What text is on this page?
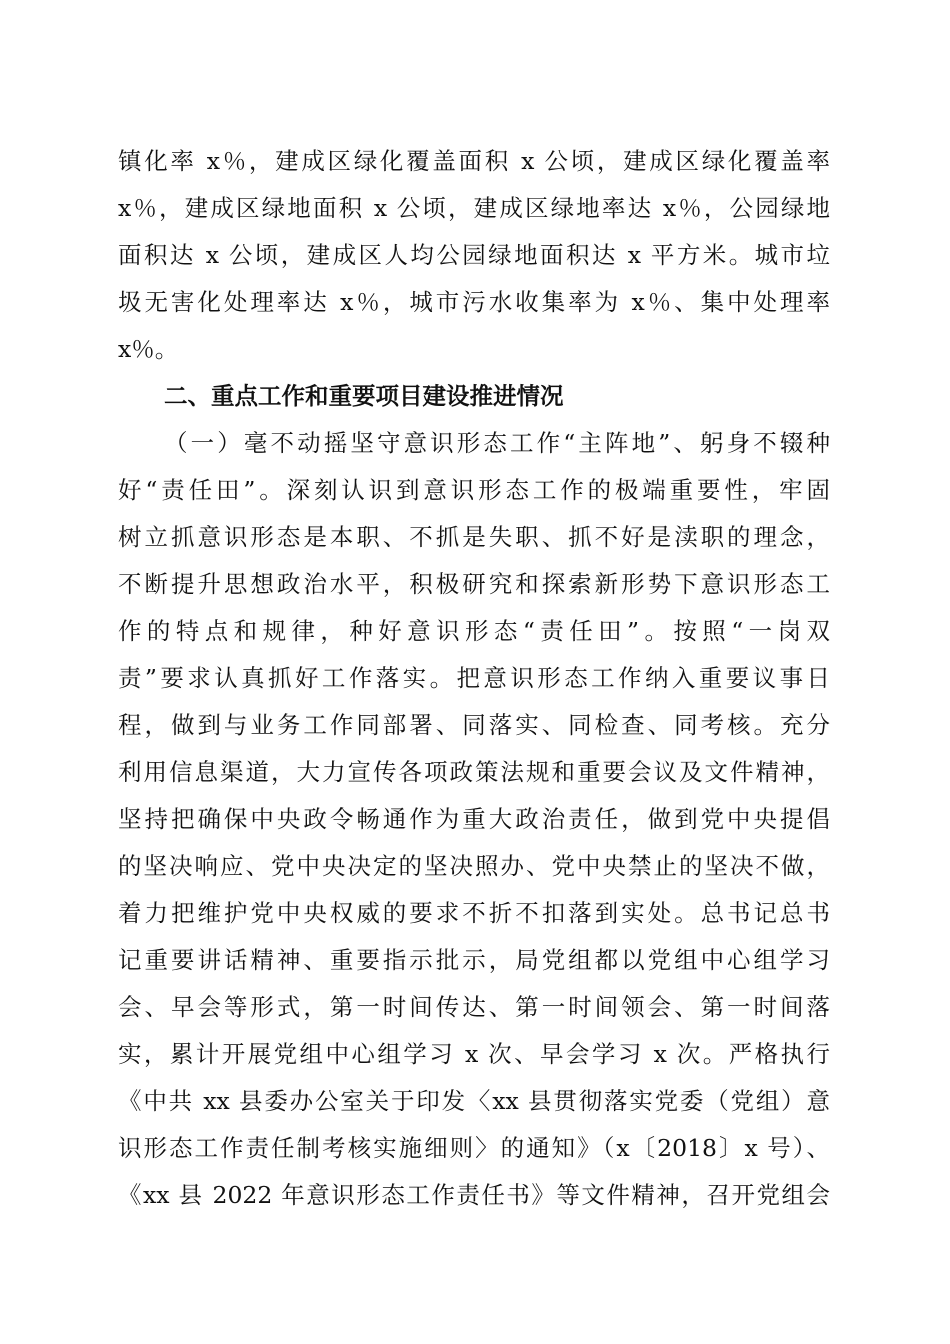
镇化率 x％，建成区绿化覆盖面积 x 公顷，建成区绿化覆盖率
x％，建成区绿地面积 x 公顷，建成区绿地率达 x％，公园绿地
面积达 x 公顷，建成区人均公园绿地面积达 x 平方米。城市垃
圾无害化处理率达 x％，城市污水收集率为 x％、集中处理率
x％。
二、重点工作和重要项目建设推进情况
（一）毫不动摇坚守意识形态工作“主阵地”、躬身不辍种
好“责任田”。深刻认识到意识形态工作的极端重要性，牢固
树立抓意识形态是本职、不抓是失职、抓不好是渎职的理念，
不断提升思想政治水平，积极研究和探索新形势下意识形态工
作的特点和规律，种好意识形态“责任田”。按照“一岗双
责”要求认真抓好工作落实。把意识形态工作纳入重要议事日
程，做到与业务工作同部署、同落实、同检查、同考核。充分
利用信息渠道，大力宣传各项政策法规和重要会议及文件精神，
坚持把确保中央政令畅通作为重大政治责任，做到党中央提倡
的坚决响应、党中央决定的坚决照办、党中央禁止的坚决不做，
着力把维护党中央权威的要求不折不扣落到实处。总书记总书
记重要讲话精神、重要指示批示，局党组都以党组中心组学习
会、早会等形式，第一时间传达、第一时间领会、第一时间落
实，累计开展党组中心组学习 x 次、早会学习 x 次。严格执行
《中共 xx 县委办公室关于印发〈xx 县贯彻落实党委（党组）意
识形态工作责任制考核实施细则〉的通知》（x〔2018〕x 号）、
《xx 县 2022 年意识形态工作责任书》等文件精神，召开党组会
